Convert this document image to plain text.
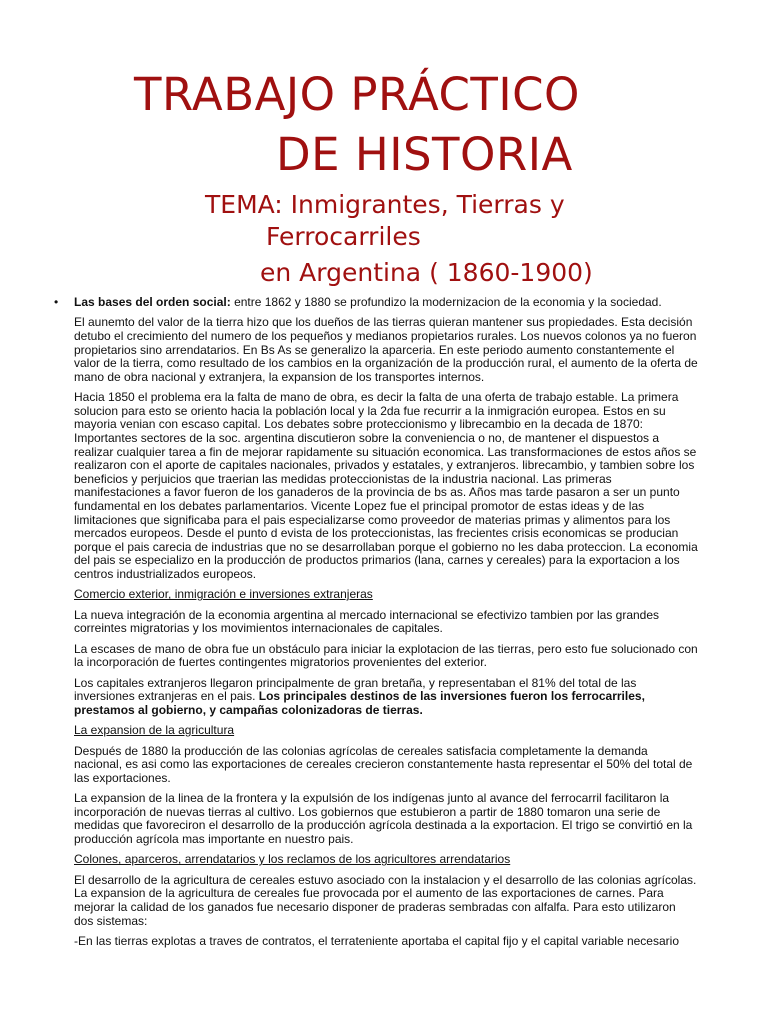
TRABAJO PRÁCTICO
DE HISTORIA
TEMA: Inmigrantes, Tierras y
Ferrocarriles
en Argentina ( 1860-1900)
• Las bases del orden social: entre 1862 y 1880 se profundizo la modernizacion de la economia y la sociedad.

El aunemto del valor de la tierra hizo que los dueños de las tierras quieran mantener sus propiedades. Esta decisión detubo el crecimiento del numero de los pequeños y medianos propietarios rurales. Los nuevos colonos ya no fueron propietarios sino arrendatarios. En Bs As se generalizo la aparceria. En este periodo aumento constantemente el valor de la tierra, como resultado de los cambios en la organización de la producción rural, el aumento de la oferta de mano de obra nacional y extranjera, la expansion de los transportes internos.

Hacia 1850 el problema era la falta de mano de obra, es decir la falta de una oferta de trabajo estable. La primera solucion para esto se oriento hacia la población local y la 2da fue recurrir a la inmigración europea. Estos en su mayoria venian con escaso capital. Los debates sobre proteccionismo y librecambio en la decada de 1870: Importantes sectores de la soc. argentina discutieron sobre la conveniencia o no, de mantener el dispuestos a realizar cualquier tarea a fin de mejorar rapidamente su situación economica. Las transformaciones de estos años se realizaron con el aporte de capitales nacionales, privados y estatales, y extranjeros. librecambio, y tambien sobre los beneficios y perjuicios que traerian las medidas proteccionistas de la industria nacional. Las primeras manifestaciones a favor fueron de los ganaderos de la provincia de bs as. Años mas tarde pasaron a ser un punto fundamental en los debates parlamentarios. Vicente Lopez fue el principal promotor de estas ideas y de las limitaciones que significaba para el pais especializarse como proveedor de materias primas y alimentos para los mercados europeos. Desde el punto d evista de los proteccionistas, las frecientes crisis economicas se producian porque el pais carecia de industrias que no se desarrollaban porque el gobierno no les daba proteccion. La economia del pais se especializo en la producción de productos primarios (lana, carnes y cereales) para la exportacion a los centros industrializados europeos.

Comercio exterior, inmigración e inversiones extranjeras

La nueva integración de la economia argentina al mercado internacional se efectivizo tambien por las grandes correintes migratorias y los movimientos internacionales de capitales.

La escases de mano de obra fue un obstáculo para iniciar la explotacion de las tierras, pero esto fue solucionado con la incorporación de fuertes contingentes migratorios provenientes del exterior.

Los capitales extranjeros llegaron principalmente de gran bretaña, y representaban el 81% del total de las inversiones extranjeras en el pais. Los principales destinos de las inversiones fueron los ferrocarriles, prestamos al gobierno, y campañas colonizadoras de tierras.

La expansion de la agricultura

Después de 1880 la producción de las colonias agrícolas de cereales satisfacia completamente la demanda nacional, es asi como las exportaciones de cereales crecieron constantemente hasta representar el 50% del total de las exportaciones.

La expansion de la linea de la frontera y la expulsión de los indígenas junto al avance del ferrocarril facilitaron la incorporación de nuevas tierras al cultivo. Los gobiernos que estubieron a partir de 1880 tomaron una serie de medidas que favoreciron el desarrollo de la producción agrícola destinada a la exportacion. El trigo se convirtió en la producción agrícola mas importante en nuestro pais.

Colones, aparceros, arrendatarios y los reclamos de los agricultores arrendatarios

El desarrollo de la agricultura de cereales estuvo asociado con la instalacion y el desarrollo de las colonias agrícolas. La expansion de la agricultura de cereales fue provocada por el aumento de las exportaciones de carnes. Para mejorar la calidad de los ganados fue necesario disponer de praderas sembradas con alfalfa. Para esto utilizaron dos sistemas:

-En las tierras explotas a traves de contratos, el terrateniente aportaba el capital fijo y el capital variable necesario
